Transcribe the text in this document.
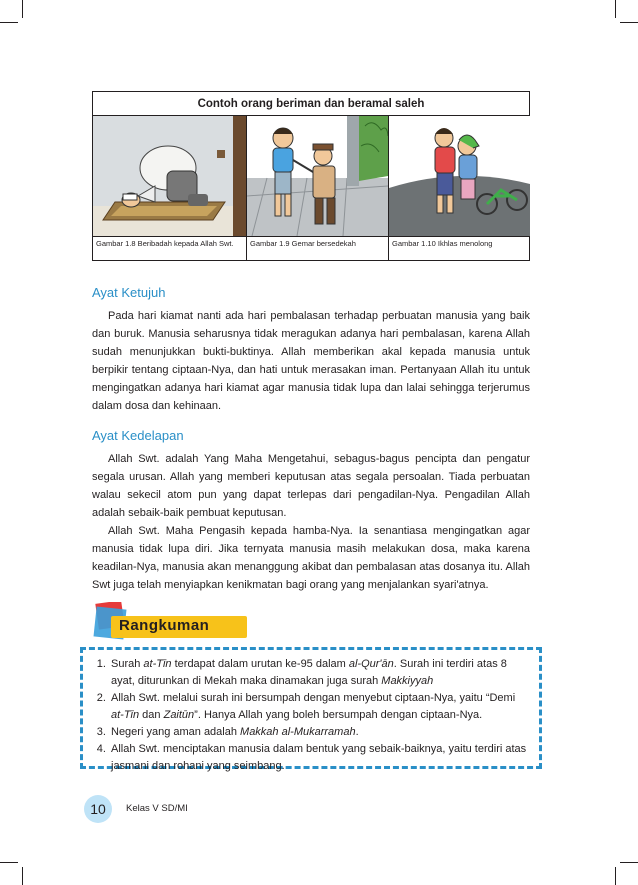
Contoh orang beriman dan beramal saleh
Gambar 1.8 Beribadah kepada Allah Swt.	Gambar 1.9 Gemar bersedekah	Gambar 1.10 Ikhlas menolong
Ayat Ketujuh

Pada hari kiamat nanti ada hari pembalasan terhadap perbuatan manusia yang baik dan buruk. Manusia seharusnya tidak meragukan adanya hari pembalasan, karena Allah sudah menunjukkan bukti-buktinya. Allah memberikan akal kepada manusia untuk berpikir tentang ciptaan-Nya, dan hati untuk merasakan iman. Pertanyaan Allah itu untuk mengingatkan adanya hari kiamat agar manusia tidak lupa dan lalai sehingga terjerumus dalam dosa dan kehinaan.

Ayat Kedelapan

Allah Swt. adalah Yang Maha Mengetahui, sebagus-bagus pencipta dan pengatur segala urusan. Allah yang memberi keputusan atas segala persoalan. Tiada perbuatan walau sekecil atom pun yang dapat terlepas dari pengadilan-Nya. Pengadilan Allah adalah sebaik-baik pembuat keputusan.

Allah Swt. Maha Pengasih kepada hamba-Nya. Ia senantiasa mengingatkan agar manusia tidak lupa diri. Jika ternyata manusia masih melakukan dosa, maka karena keadilan-Nya, manusia akan menanggung akibat dan pembalasan atas dosanya itu. Allah Swt juga telah menyiapkan kenikmatan bagi orang yang menjalankan syari'atnya.

Rangkuman
1. Surah at-Tīn terdapat dalam urutan ke-95 dalam al-Qur'ān. Surah ini terdiri atas 8 ayat, diturunkan di Mekah maka dinamakan juga surah Makkiyyah
2. Allah Swt. melalui surah ini bersumpah dengan menyebut ciptaan-Nya, yaitu “Demi at-Tīn dan Zaitūn”. Hanya Allah yang boleh bersumpah dengan ciptaan-Nya.
3. Negeri yang aman adalah Makkah al-Mukarramah.
4. Allah Swt. menciptakan manusia dalam bentuk yang sebaik-baiknya, yaitu terdiri atas jasmani dan rohani yang seimbang.
10	Kelas V SD/MI
